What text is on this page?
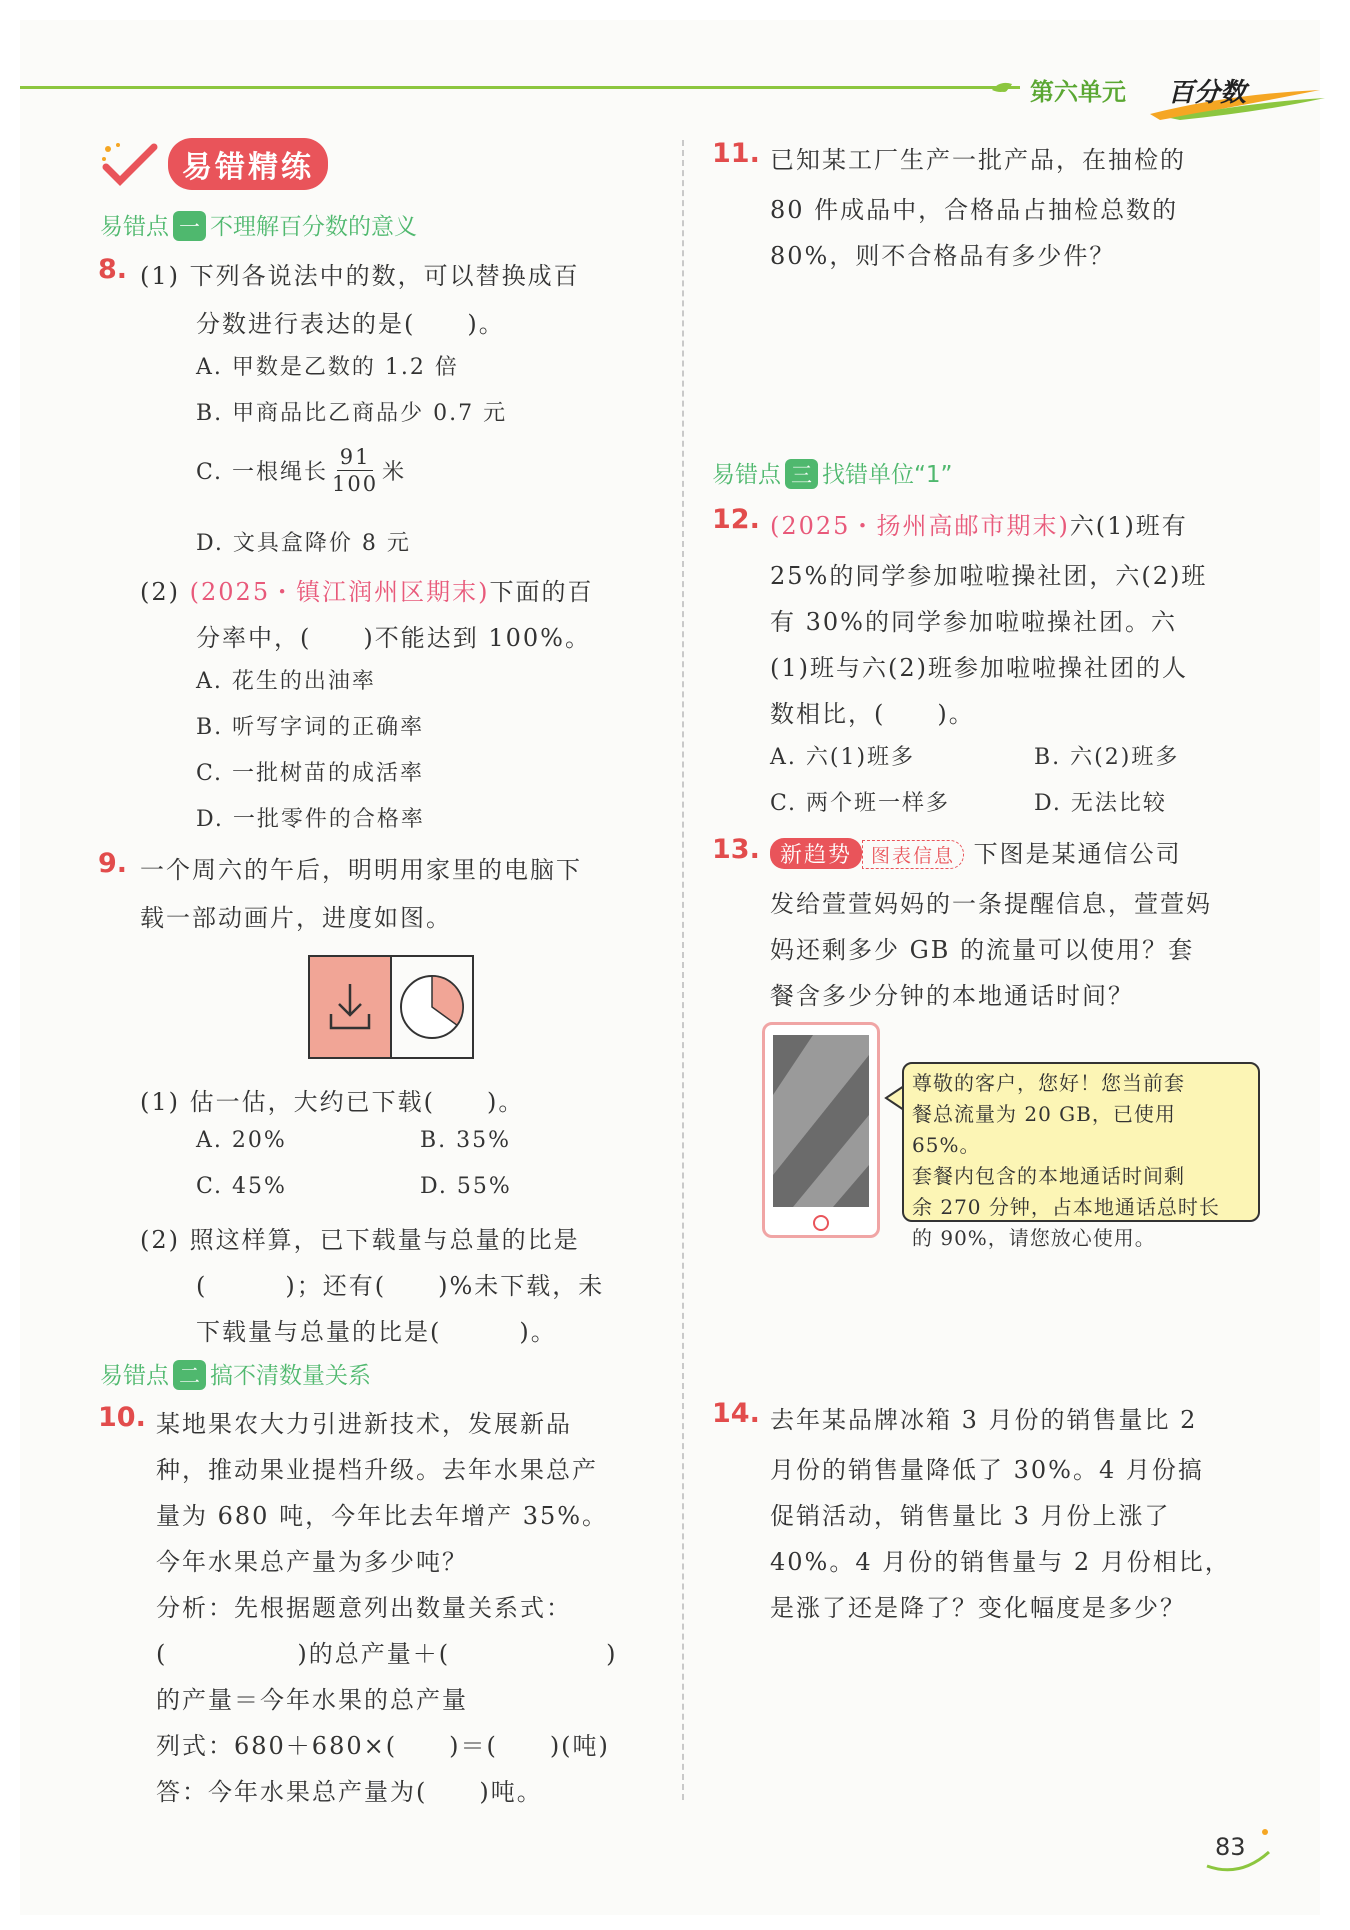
第六单元 百分数
易错精练
易错点 一 不理解百分数的意义
8. (1) 下列各说法中的数，可以替换成百
分数进行表达的是(　　)。
A. 甲数是乙数的 1.2 倍
B. 甲商品比乙商品少 0.7 元
C. 一根绳长 $\frac{91}{100}$ 米
D. 文具盒降价 8 元
(2) (2025・镇江润州区期末)下面的百
分率中，(　　)不能达到 100%。
A. 花生的出油率
B. 听写字词的正确率
C. 一批树苗的成活率
D. 一批零件的合格率
9. 一个周六的午后，明明用家里的电脑下
载一部动画片，进度如图。
(1) 估一估，大约已下载(　　)。
A. 20%	B. 35%
C. 45%	D. 55%
(2) 照这样算，已下载量与总量的比是
(　　　)；还有(　　)%未下载，未
下载量与总量的比是(　　　)。
易错点 二 搞不清数量关系
10. 某地果农大力引进新技术，发展新品
种，推动果业提档升级。去年水果总产
量为 680 吨，今年比去年增产 35%。
今年水果总产量为多少吨？
分析：先根据题意列出数量关系式：
(　　　　　)的总产量＋(　　　　　　)
的产量＝今年水果的总产量
列式：680＋680×(　　)＝(　　)(吨)
答：今年水果总产量为(　　)吨。
11. 已知某工厂生产一批产品，在抽检的
80 件成品中，合格品占抽检总数的
80%，则不合格品有多少件？
易错点 三 找错单位“1”
12. (2025・扬州高邮市期末)六(1)班有
25%的同学参加啦啦操社团，六(2)班
有 30%的同学参加啦啦操社团。六
(1)班与六(2)班参加啦啦操社团的人
数相比，(　　)。
A. 六(1)班多	B. 六(2)班多
C. 两个班一样多	D. 无法比较
13. 新趋势 图表信息 下图是某通信公司
发给萱萱妈妈的一条提醒信息，萱萱妈
妈还剩多少 GB 的流量可以使用？套
餐含多少分钟的本地通话时间？
尊敬的客户，您好！您当前套
餐总流量为 20 GB，已使用 65%。
套餐内包含的本地通话时间剩
余 270 分钟，占本地通话总时长
的 90%，请您放心使用。
14. 去年某品牌冰箱 3 月份的销售量比 2
月份的销售量降低了 30%。4 月份搞
促销活动，销售量比 3 月份上涨了
40%。4 月份的销售量与 2 月份相比，
是涨了还是降了？变化幅度是多少？
83
